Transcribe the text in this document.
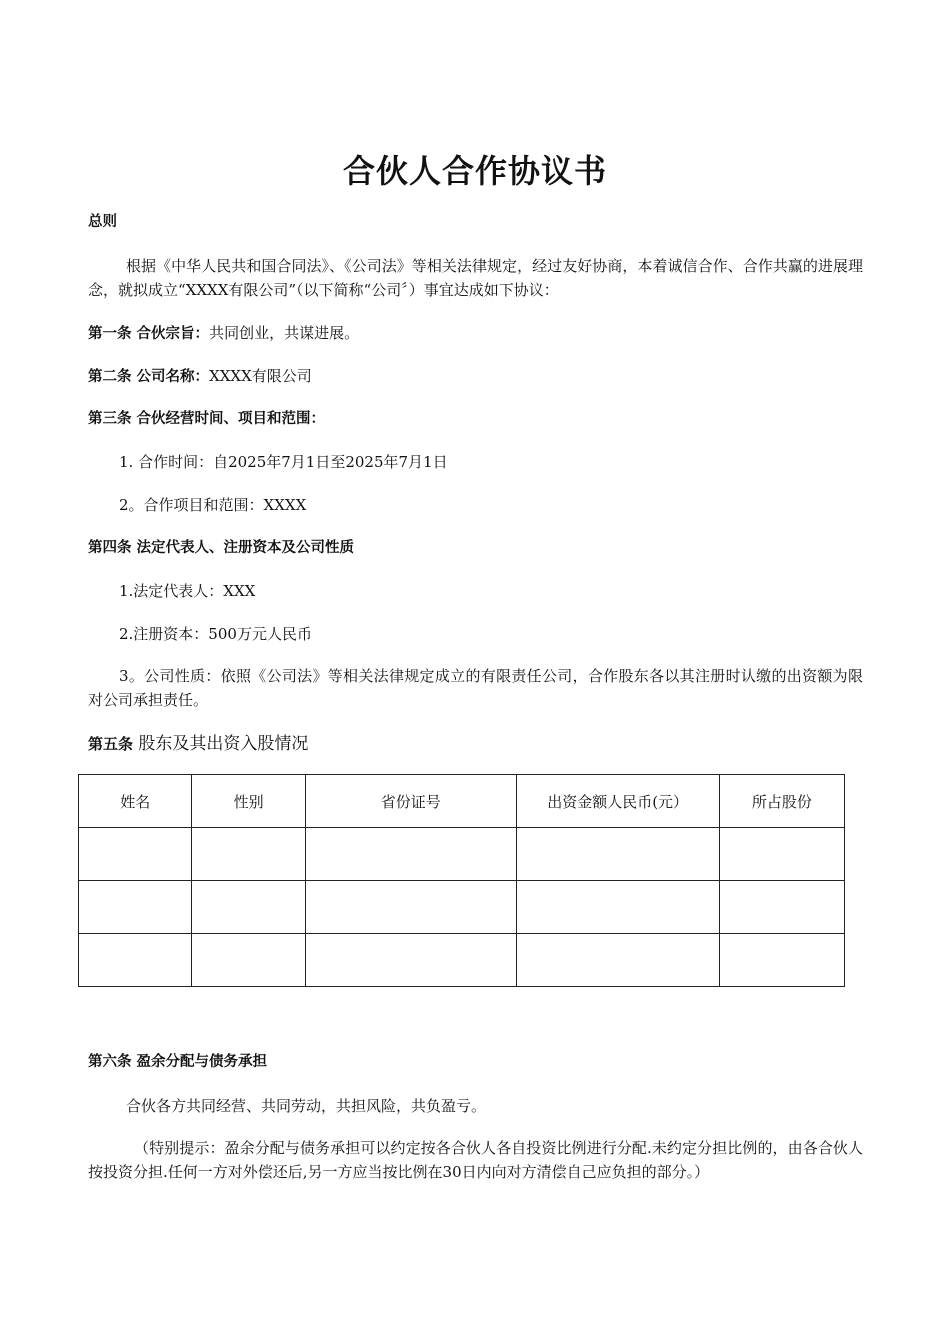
合伙人合作协议书

总则

根据《中华人民共和国合同法》、《公司法》等相关法律规定，经过友好协商，本着诚信合作、合作共赢的进展理念，就拟成立“XXXX有限公司”（以下简称“公司〞）事宜达成如下协议：

第一条 合伙宗旨：共同创业，共谋进展。

第二条 公司名称：XXXX有限公司

第三条 合伙经营时间、项目和范围：

1. 合作时间：自2025年7月1日至2025年7月1日

2。合作项目和范围：XXXX

第四条 法定代表人、注册资本及公司性质

1.法定代表人：XXX

2.注册资本：500万元人民币

3。公司性质：依照《公司法》等相关法律规定成立的有限责任公司，合作股东各以其注册时认缴的出资额为限对公司承担责任。

第五条 股东及其出资入股情况

姓名	性别	省份证号	出资金额人民币(元）	所占股份

第六条 盈余分配与债务承担

合伙各方共同经营、共同劳动，共担风险，共负盈亏。

（特别提示：盈余分配与债务承担可以约定按各合伙人各自投资比例进行分配.未约定分担比例的，由各合伙人按投资分担.任何一方对外偿还后,另一方应当按比例在30日内向对方清偿自己应负担的部分。）
